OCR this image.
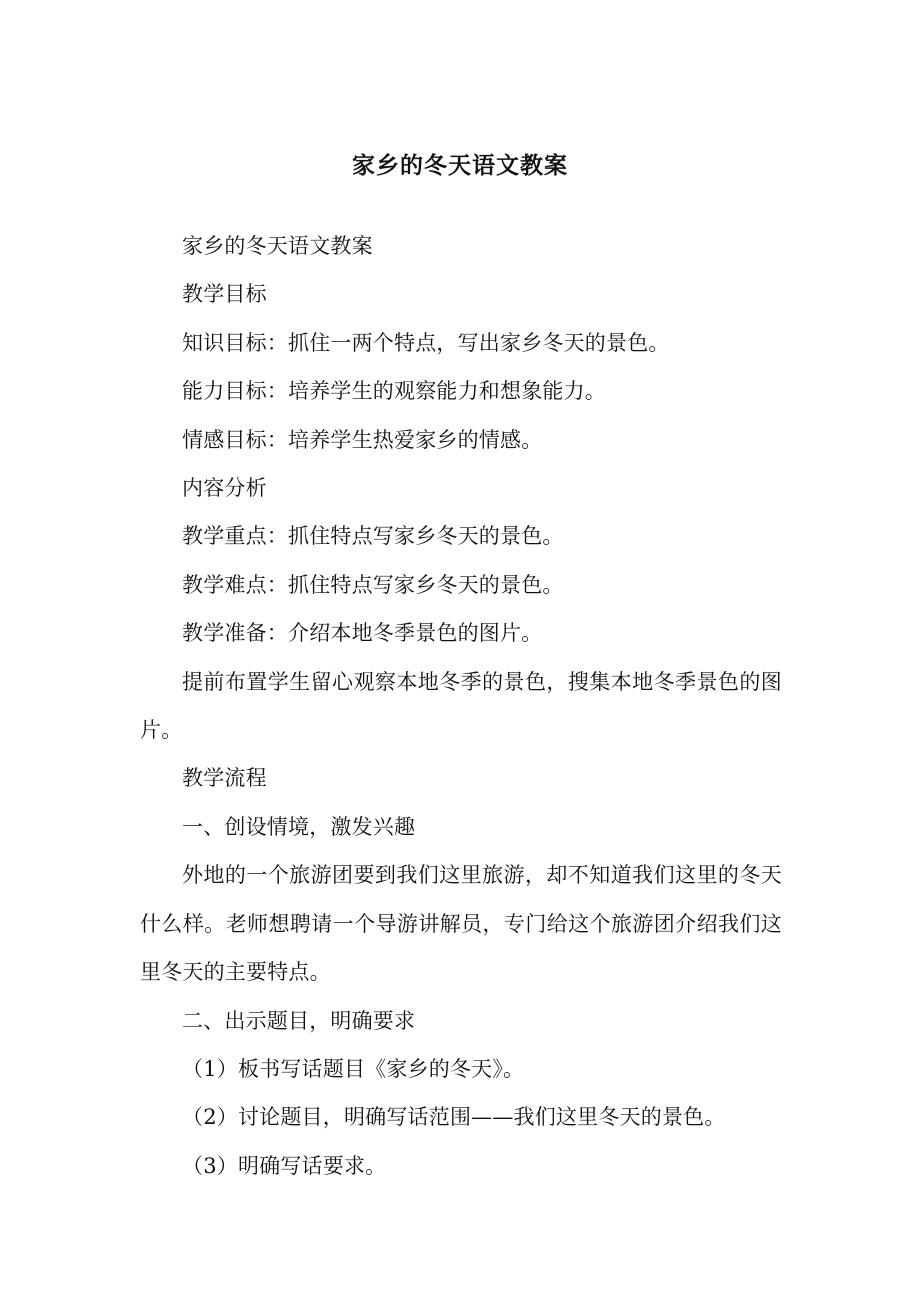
家乡的冬天语文教案

家乡的冬天语文教案

教学目标

知识目标：抓住一两个特点，写出家乡冬天的景色。

能力目标：培养学生的观察能力和想象能力。

情感目标：培养学生热爱家乡的情感。

内容分析

教学重点：抓住特点写家乡冬天的景色。

教学难点：抓住特点写家乡冬天的景色。

教学准备：介绍本地冬季景色的图片。

提前布置学生留心观察本地冬季的景色，搜集本地冬季景色的图片。

教学流程

一、创设情境，激发兴趣

外地的一个旅游团要到我们这里旅游，却不知道我们这里的冬天什么样。老师想聘请一个导游讲解员，专门给这个旅游团介绍我们这里冬天的主要特点。

二、出示题目，明确要求

（1）板书写话题目《家乡的冬天》。

（2）讨论题目，明确写话范围——我们这里冬天的景色。

（3）明确写话要求。
